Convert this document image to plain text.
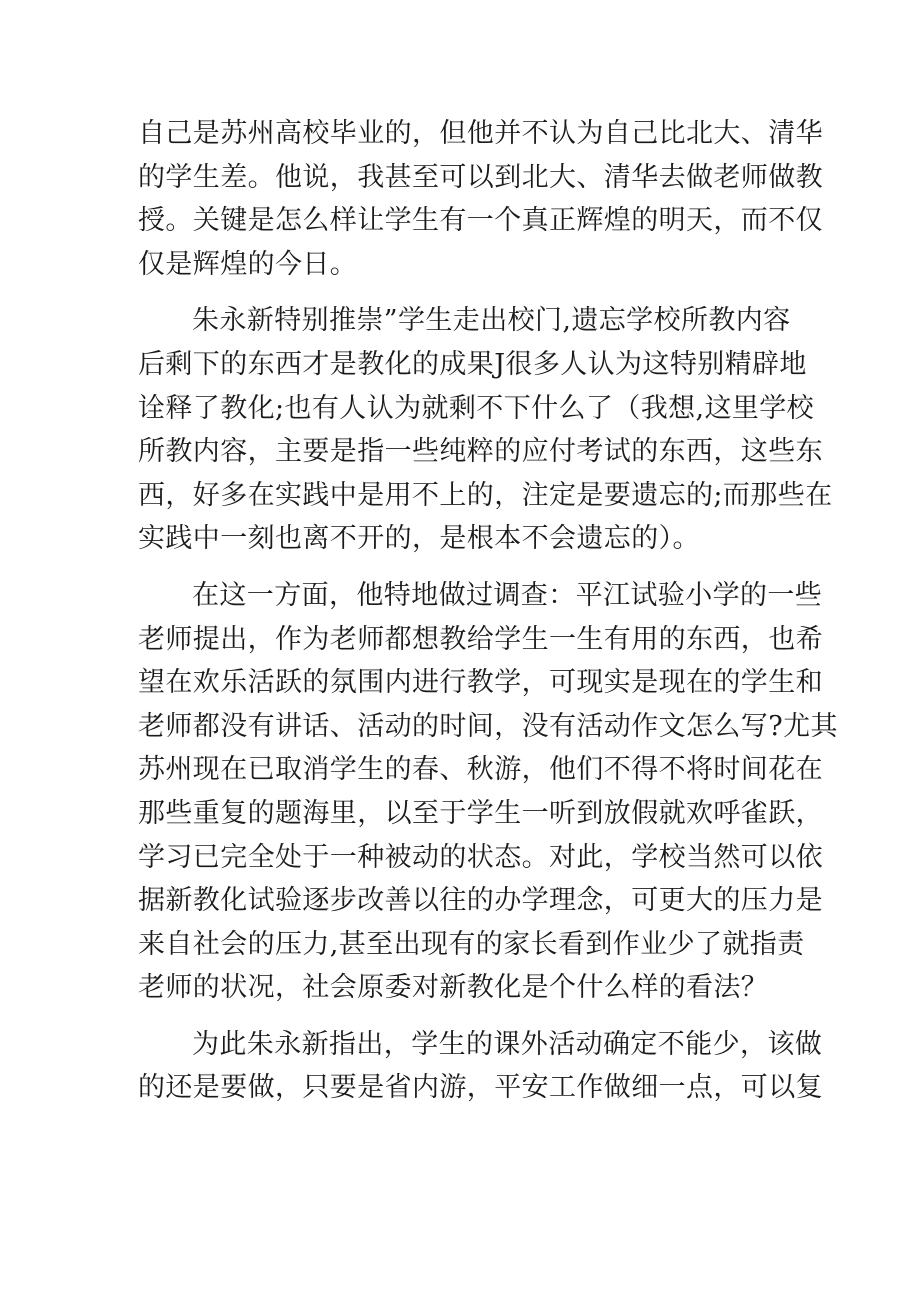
自己是苏州高校毕业的，但他并不认为自己比北大、清华
的学生差。他说，我甚至可以到北大、清华去做老师做教
授。关键是怎么样让学生有一个真正辉煌的明天，而不仅
仅是辉煌的今日。
朱永新特别推崇”学生走出校门,遗忘学校所教内容
后剩下的东西才是教化的成果J很多人认为这特别精辟地
诠释了教化;也有人认为就剩不下什么了（我想,这里学校
所教内容，主要是指一些纯粹的应付考试的东西，这些东
西，好多在实践中是用不上的，注定是要遗忘的;而那些在
实践中一刻也离不开的，是根本不会遗忘的）。
在这一方面，他特地做过调查：平江试验小学的一些
老师提出，作为老师都想教给学生一生有用的东西，也希
望在欢乐活跃的氛围内进行教学，可现实是现在的学生和
老师都没有讲话、活动的时间，没有活动作文怎么写?尤其
苏州现在已取消学生的春、秋游，他们不得不将时间花在
那些重复的题海里，以至于学生一听到放假就欢呼雀跃，
学习已完全处于一种被动的状态。对此，学校当然可以依
据新教化试验逐步改善以往的办学理念，可更大的压力是
来自社会的压力,甚至出现有的家长看到作业少了就指责
老师的状况，社会原委对新教化是个什么样的看法？
为此朱永新指出，学生的课外活动确定不能少，该做
的还是要做，只要是省内游，平安工作做细一点，可以复
